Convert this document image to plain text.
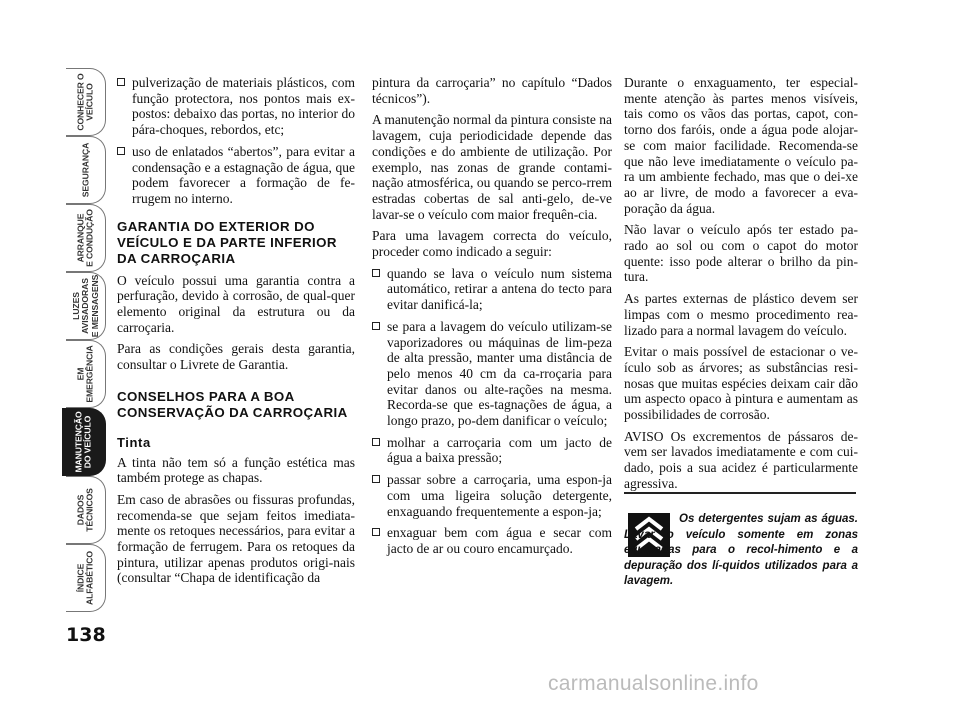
CONHECER O
VEÍCULO
SEGURANÇA
ARRANQUE
E CONDUÇÃO
LUZES
AVISADORAS
E MENSAGENS
EM
EMERGÊNCIA
MANUTENÇÃO
DO VEÍCULO
DADOS
TÉCNICOS
ÍNDICE
ALFABÉTICO
138
pulverização de materiais plásticos, com função protectora, nos pontos mais ex-postos: debaixo das portas, no interior do pára-choques, rebordos, etc;
uso de enlatados “abertos”, para evitar a condensação e a estagnação de água, que podem favorecer a formação de fe-rrugem no interno.
GARANTIA DO EXTERIOR DO VEÍCULO E DA PARTE INFERIOR DA CARROÇARIA

O veículo possui uma garantia contra a perfuração, devido à corrosão, de qual-quer elemento original da estrutura ou da carroçaria.

Para as condições gerais desta garantia, consultar o Livrete de Garantia.

CONSELHOS PARA A BOA CONSERVAÇÃO DA CARROÇARIA
Tinta

A tinta não tem só a função estética mas também protege as chapas.

Em caso de abrasões ou fissuras profundas, recomenda-se que sejam feitos imediata-mente os retoques necessários, para evitar a formação de ferrugem. Para os retoques da pintura, utilizar apenas produtos origi-nais (consultar “Chapa de identificação da

pintura da carroçaria” no capítulo “Dados técnicos”).

A manutenção normal da pintura consiste na lavagem, cuja periodicidade depende das condições e do ambiente de utilização. Por exemplo, nas zonas de grande contami-nação atmosférica, ou quando se perco-rrem estradas cobertas de sal anti-gelo, de-ve lavar-se o veículo com maior frequên-cia.

Para uma lavagem correcta do veículo, proceder como indicado a seguir:

quando se lava o veículo num sistema automático, retirar a antena do tecto para evitar danificá-la;
se para a lavagem do veículo utilizam-se vaporizadores ou máquinas de lim-peza de alta pressão, manter uma distância de pelo menos 40 cm da ca-rroçaria para evitar danos ou alte-rações na mesma. Recorda-se que es-tagnações de água, a longo prazo, po-dem danificar o veículo;
molhar a carroçaria com um jacto de água a baixa pressão;
passar sobre a carroçaria, uma espon-ja com uma ligeira solução detergente, enxaguando frequentemente a espon-ja;
enxaguar bem com água e secar com jacto de ar ou couro encamurçado.

Durante o enxaguamento, ter especial-mente atenção às partes menos visíveis, tais como os vãos das portas, capot, con-torno dos faróis, onde a água pode alojar-se com maior facilidade. Recomenda-se que não leve imediatamente o veículo pa-ra um ambiente fechado, mas que o dei-xe ao ar livre, de modo a favorecer a eva-poração da água.

Não lavar o veículo após ter estado pa-rado ao sol ou com o capot do motor quente: isso pode alterar o brilho da pin-tura.

As partes externas de plástico devem ser limpas com o mesmo procedimento rea-lizado para a normal lavagem do veículo.

Evitar o mais possível de estacionar o ve-ículo sob as árvores; as substâncias resi-nosas que muitas espécies deixam cair dão um aspecto opaco à pintura e aumentam as possibilidades de corrosão.

AVISO Os excrementos de pássaros de-vem ser lavados imediatamente e com cui-dado, pois a sua acidez é particularmente agressiva.

Os detergentes sujam as águas. Lavar o veículo somente em zonas equipadas para o recol-himento e a depuração dos lí-quidos utilizados para a lavagem.

carmanualsonline.info
